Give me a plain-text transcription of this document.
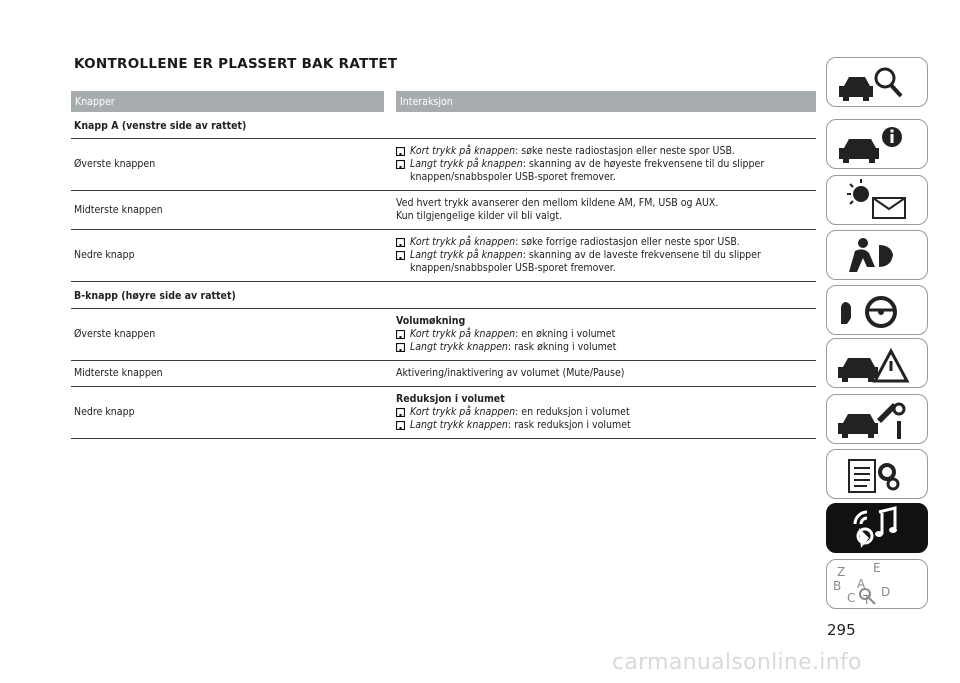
KONTROLLENE ER PLASSERT BAK RATTET
Knapper	Interaksjon
Knapp A (venstre side av rattet)
Øverste knappen
Kort trykk på knappen: søke neste radiostasjon eller neste spor USB.
Langt trykk på knappen: skanning av de høyeste frekvensene til du slipper knappen/snabbspoler USB-sporet fremover.
Midterste knappen
Ved hvert trykk avanserer den mellom kildene AM, FM, USB og AUX.
Kun tilgjengelige kilder vil bli valgt.
Nedre knapp
Kort trykk på knappen: søke forrige radiostasjon eller neste spor USB.
Langt trykk på knappen: skanning av de laveste frekvensene til du slipper knappen/snabbspoler USB-sporet fremover.
B-knapp (høyre side av rattet)
Øverste knappen
Volumøkning
Kort trykk på knappen: en økning i volumet
Langt trykk knappen: rask økning i volumet
Midterste knappen	Aktivering/inaktivering av volumet (Mute/Pause)
Nedre knapp
Reduksjon i volumet
Kort trykk på knappen: en reduksjon i volumet
Langt trykk knappen: rask reduksjon i volumet
Z E
B A
C T
D
295
carmanualsonline.info
